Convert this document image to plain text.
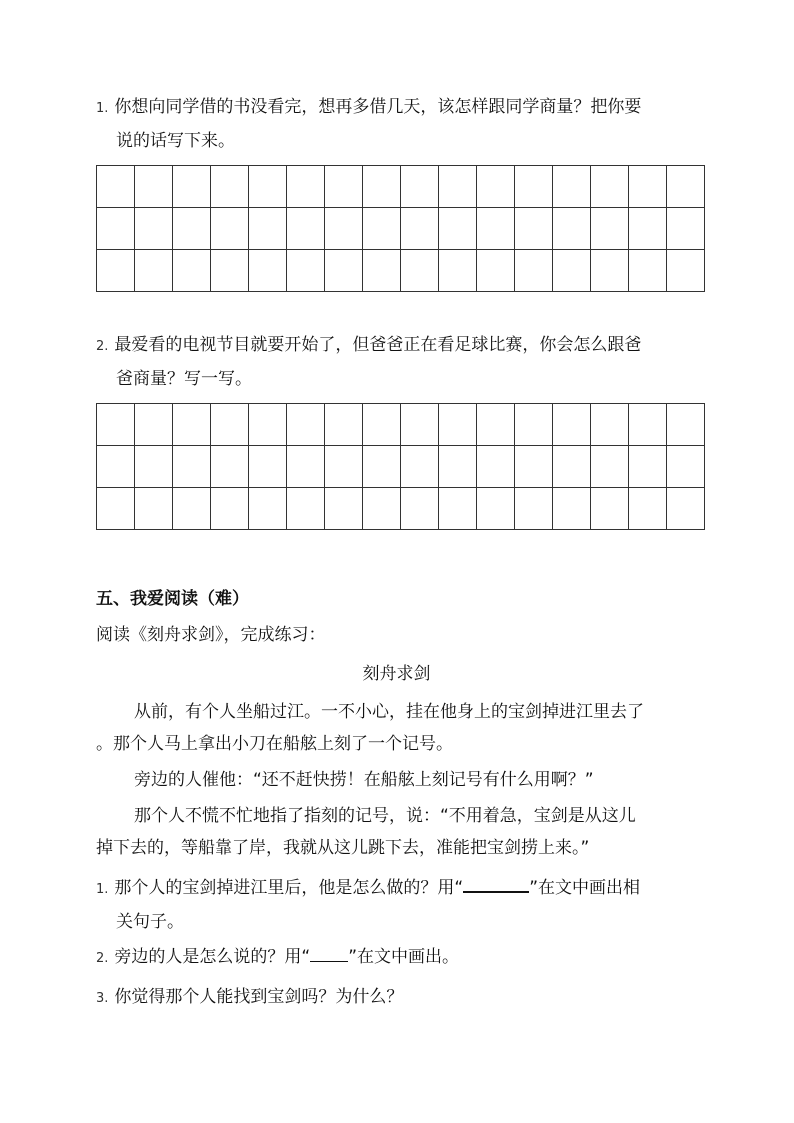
1. 你想向同学借的书没看完，想再多借几天，该怎样跟同学商量？把你要
说的话写下来。

2. 最爱看的电视节目就要开始了，但爸爸正在看足球比赛，你会怎么跟爸
爸商量？写一写。

五、我爱阅读（难）
阅读《刻舟求剑》，完成练习：
刻舟求剑
从前，有个人坐船过江。一不小心，挂在他身上的宝剑掉进江里去了
。那个人马上拿出小刀在船舷上刻了一个记号。
旁边的人催他：“还不赶快捞！在船舷上刻记号有什么用啊？”
那个人不慌不忙地指了指刻的记号，说：“不用着急，宝剑是从这儿
掉下去的，等船靠了岸，我就从这儿跳下去，准能把宝剑捞上来。”
1. 那个人的宝剑掉进江里后，他是怎么做的？用“	”在文中画出相
关句子。
2. 旁边的人是怎么说的？用“ ”在文中画出。
3. 你觉得那个人能找到宝剑吗？为什么？
